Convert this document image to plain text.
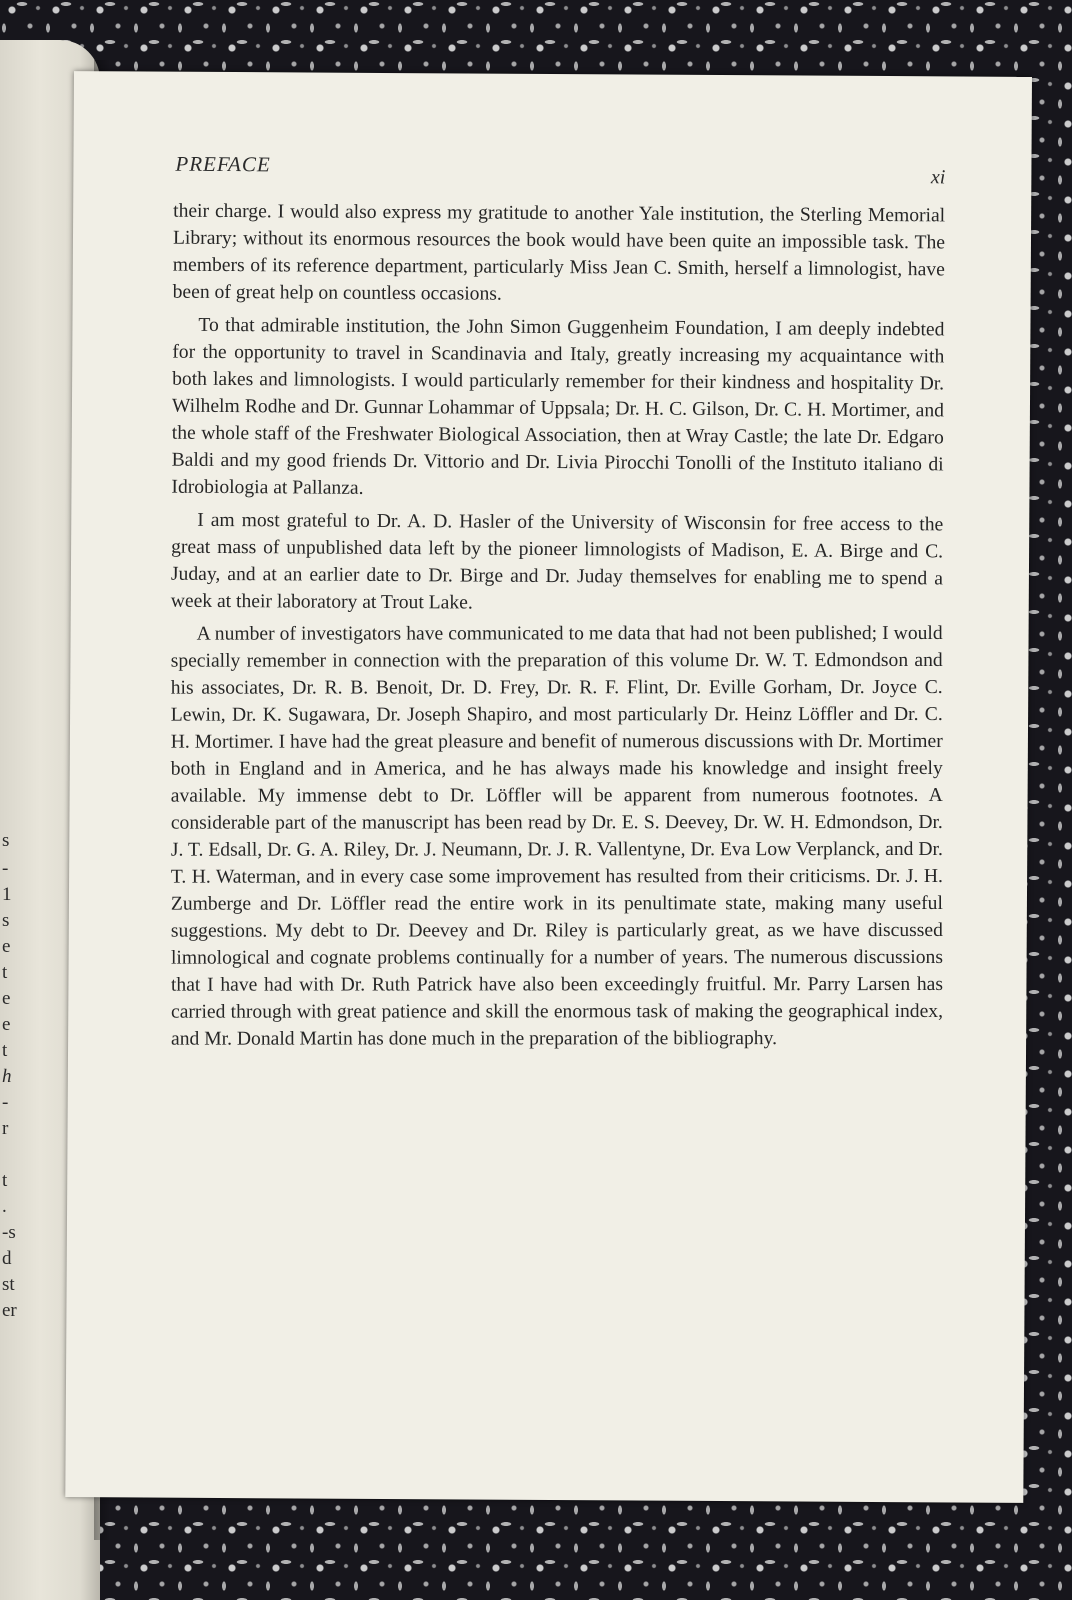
s
-
1
s
e
t
e
e
t
h
-
r
t
.
-s
d
st
er
PREFACE
xi

their charge. I would also express my gratitude to another Yale institution, the Sterling Memorial Library; without its enormous resources the book would have been quite an impossible task. The members of its reference department, particularly Miss Jean C. Smith, herself a limnologist, have been of great help on countless occasions.

To that admirable institution, the John Simon Guggenheim Foundation, I am deeply indebted for the opportunity to travel in Scandinavia and Italy, greatly increasing my acquaintance with both lakes and limnologists. I would particularly remember for their kindness and hospitality Dr. Wilhelm Rodhe and Dr. Gunnar Lohammar of Uppsala; Dr. H. C. Gilson, Dr. C. H. Mortimer, and the whole staff of the Freshwater Biological Association, then at Wray Castle; the late Dr. Edgaro Baldi and my good friends Dr. Vittorio and Dr. Livia Pirocchi Tonolli of the Instituto italiano di Idrobiologia at Pallanza.

I am most grateful to Dr. A. D. Hasler of the University of Wisconsin for free access to the great mass of unpublished data left by the pioneer limnologists of Madison, E. A. Birge and C. Juday, and at an earlier date to Dr. Birge and Dr. Juday themselves for enabling me to spend a week at their laboratory at Trout Lake.

A number of investigators have communicated to me data that had not been published; I would specially remember in connection with the preparation of this volume Dr. W. T. Edmondson and his associates, Dr. R. B. Benoit, Dr. D. Frey, Dr. R. F. Flint, Dr. Eville Gorham, Dr. Joyce C. Lewin, Dr. K. Sugawara, Dr. Joseph Shapiro, and most particularly Dr. Heinz Löffler and Dr. C. H. Mortimer. I have had the great pleasure and benefit of numerous discussions with Dr. Mortimer both in England and in America, and he has always made his knowledge and insight freely available. My immense debt to Dr. Löffler will be apparent from numerous footnotes. A considerable part of the manuscript has been read by Dr. E. S. Deevey, Dr. W. H. Edmondson, Dr. J. T. Edsall, Dr. G. A. Riley, Dr. J. Neumann, Dr. J. R. Vallentyne, Dr. Eva Low Verplanck, and Dr. T. H. Waterman, and in every case some improvement has resulted from their criticisms. Dr. J. H. Zumberge and Dr. Löffler read the entire work in its penultimate state, making many useful suggestions. My debt to Dr. Deevey and Dr. Riley is particularly great, as we have discussed limnological and cognate problems continually for a number of years. The numerous discussions that I have had with Dr. Ruth Patrick have also been exceedingly fruitful. Mr. Parry Larsen has carried through with great patience and skill the enormous task of making the geographical index, and Mr. Donald Martin has done much in the preparation of the bibliography.
